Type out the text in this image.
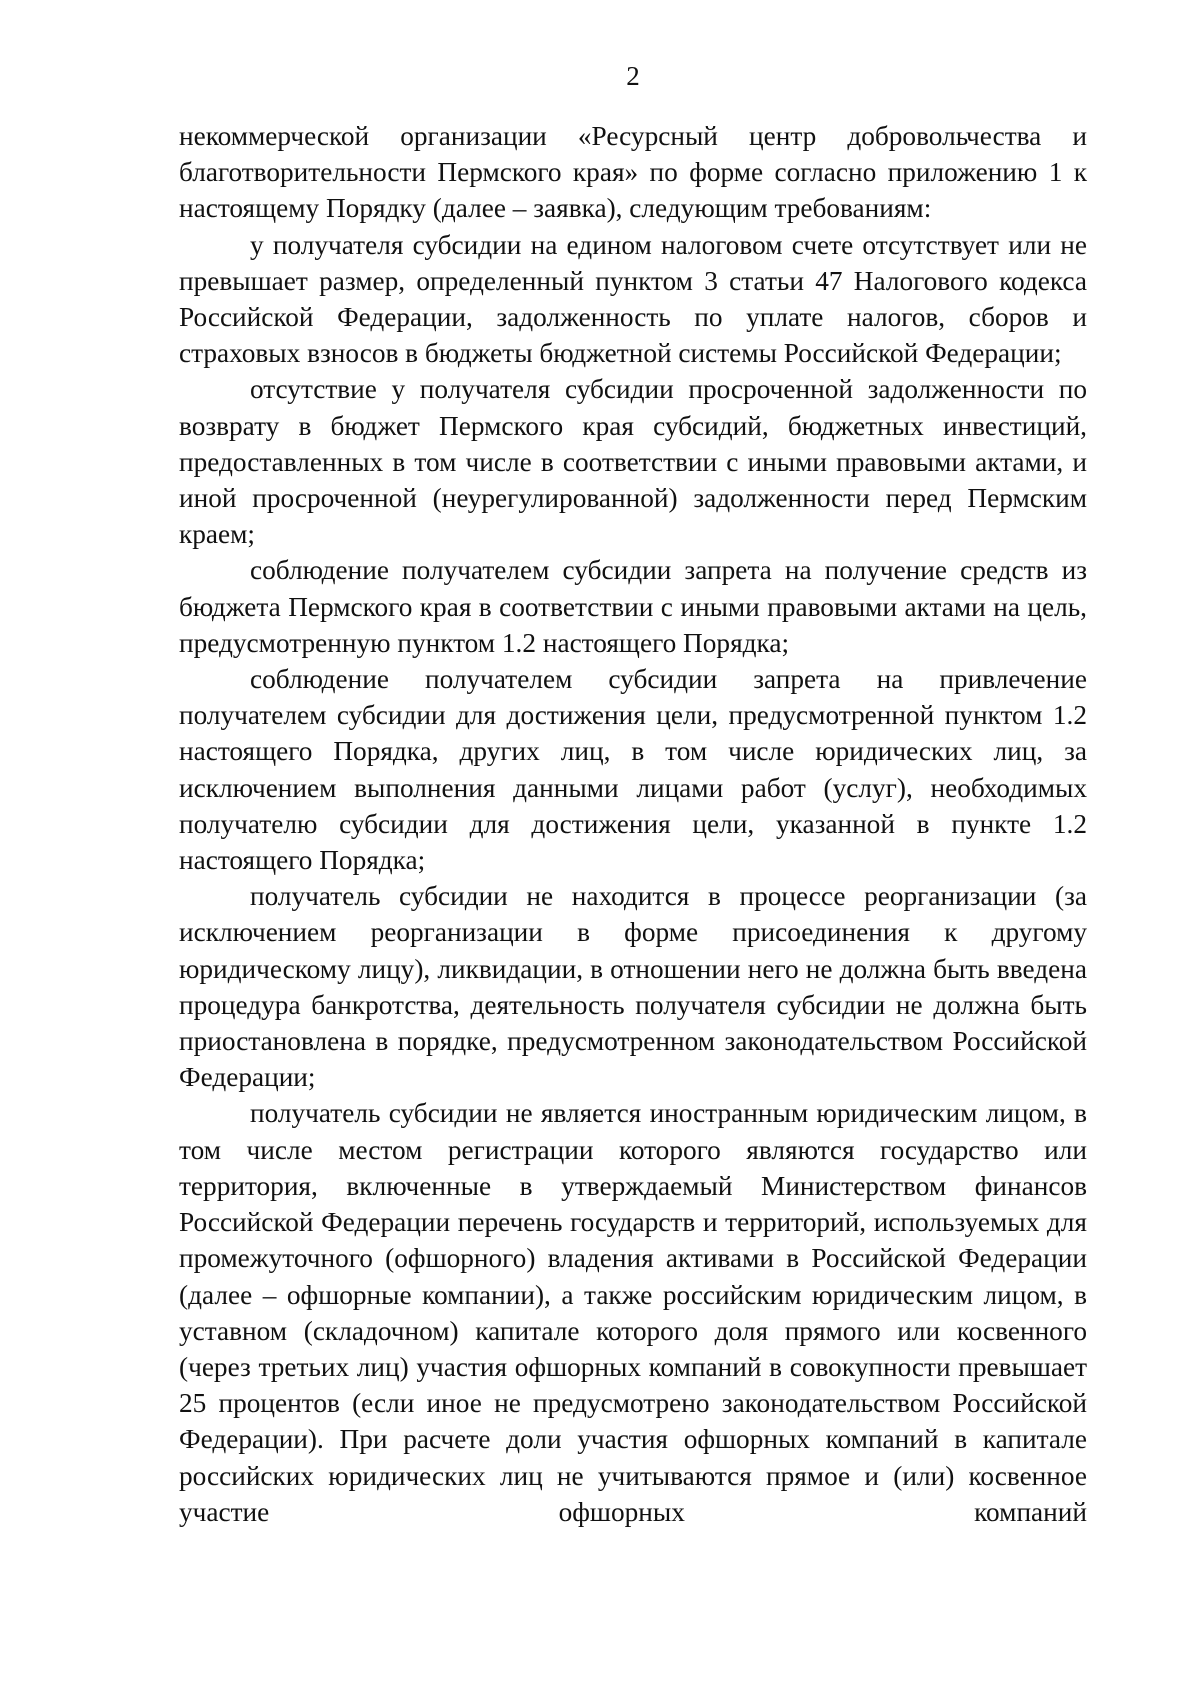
2

некоммерческой организации «Ресурсный центр добровольчества и благотворительности Пермского края» по форме согласно приложению 1 к настоящему Порядку (далее – заявка), следующим требованиям:

у получателя субсидии на едином налоговом счете отсутствует или не превышает размер, определенный пунктом 3 статьи 47 Налогового кодекса Российской Федерации, задолженность по уплате налогов, сборов и страховых взносов в бюджеты бюджетной системы Российской Федерации;

отсутствие у получателя субсидии просроченной задолженности по возврату в бюджет Пермского края субсидий, бюджетных инвестиций, предоставленных в том числе в соответствии с иными правовыми актами, и иной просроченной (неурегулированной) задолженности перед Пермским краем;

соблюдение получателем субсидии запрета на получение средств из бюджета Пермского края в соответствии с иными правовыми актами на цель, предусмотренную пунктом 1.2 настоящего Порядка;

соблюдение получателем субсидии запрета на привлечение получателем субсидии для достижения цели, предусмотренной пунктом 1.2 настоящего Порядка, других лиц, в том числе юридических лиц, за исключением выполнения данными лицами работ (услуг), необходимых получателю субсидии для достижения цели, указанной в пункте 1.2 настоящего Порядка;

получатель субсидии не находится в процессе реорганизации (за исключением реорганизации в форме присоединения к другому юридическому лицу), ликвидации, в отношении него не должна быть введена процедура банкротства, деятельность получателя субсидии не должна быть приостановлена в порядке, предусмотренном законодательством Российской Федерации;

получатель субсидии не является иностранным юридическим лицом, в том числе местом регистрации которого являются государство или территория, включенные в утверждаемый Министерством финансов Российской Федерации перечень государств и территорий, используемых для промежуточного (офшорного) владения активами в Российской Федерации (далее – офшорные компании), а также российским юридическим лицом, в уставном (складочном) капитале которого доля прямого или косвенного (через третьих лиц) участия офшорных компаний в совокупности превышает 25 процентов (если иное не предусмотрено законодательством Российской Федерации). При расчете доли участия офшорных компаний в капитале российских юридических лиц не учитываются прямое и (или) косвенное участие офшорных компаний
